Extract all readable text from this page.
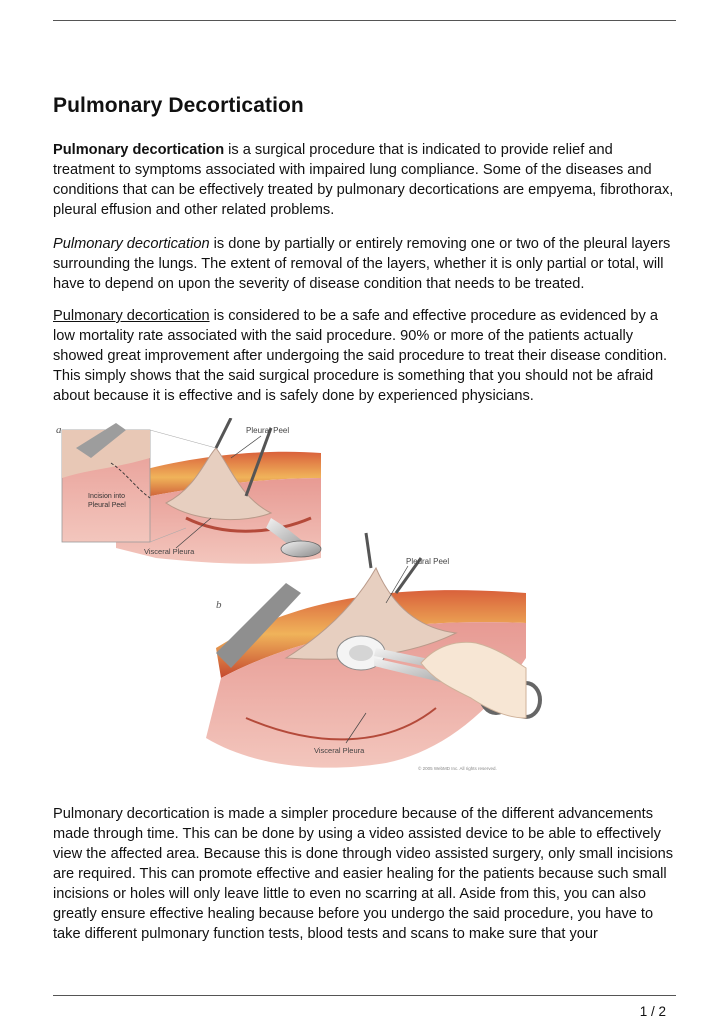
Pulmonary Decortication

Pulmonary decortication is a surgical procedure that is indicated to provide relief and treatment to symptoms associated with impaired lung compliance. Some of the diseases and conditions that can be effectively treated by pulmonary decortications are empyema, fibrothorax, pleural effusion and other related problems.

Pulmonary decortication is done by partially or entirely removing one or two of the pleural layers surrounding the lungs. The extent of removal of the layers, whether it is only partial or total, will have to depend on upon the severity of disease condition that needs to be treated.

Pulmonary decortication is considered to be a safe and effective procedure as evidenced by a low mortality rate associated with the said procedure. 90% or more of the patients actually showed great improvement after undergoing the said procedure to treat their disease condition. This simply shows that the said surgical procedure is something that you should not be afraid about because it is effective and is safely done by experienced physicians.

a	Pleural Peel
Incision into
Pleural Peel
Visceral Pleura
b
Pleural Peel
Visceral Pleura
© 2005 WebMD Inc. All rights reserved.

Pulmonary decortication is made a simpler procedure because of the different advancements made through time. This can be done by using a video assisted device to be able to effectively view the affected area. Because this is done through video assisted surgery, only small incisions are required. This can promote effective and easier healing for the patients because such small incisions or holes will only leave little to even no scarring at all. Aside from this, you can also greatly ensure effective healing because before you undergo the said procedure, you have to take different pulmonary function tests, blood tests and scans to make sure that your

1 / 2
